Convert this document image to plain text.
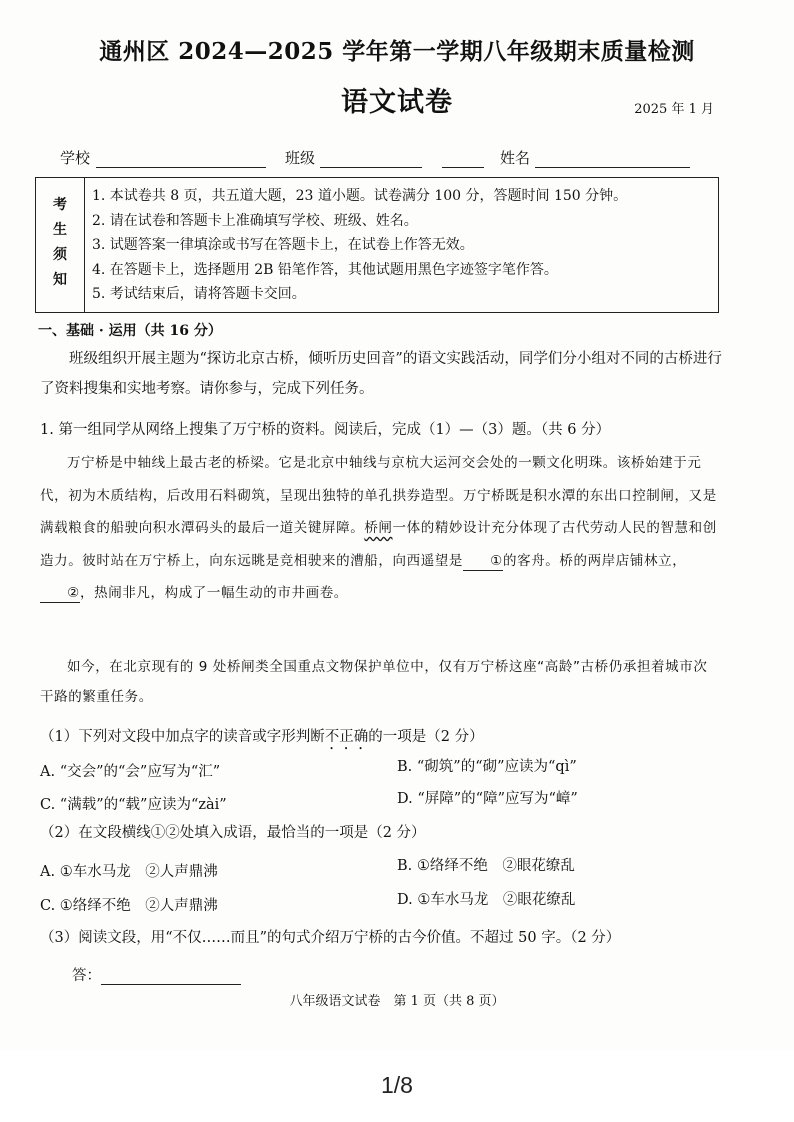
通州区 2024—2025 学年第一学期八年级期末质量检测
语文试卷	2025 年 1 月
学校	班级	姓名
考
生
须
知
1. 本试卷共 8 页，共五道大题，23 道小题。试卷满分 100 分，答题时间 150 分钟。
2. 请在试卷和答题卡上准确填写学校、班级、姓名。
3. 试题答案一律填涂或书写在答题卡上，在试卷上作答无效。
4. 在答题卡上，选择题用 2B 铅笔作答，其他试题用黑色字迹签字笔作答。
5. 考试结束后，请将答题卡交回。
一、基础 · 运用（共 16 分）

班级组织开展主题为“探访北京古桥，倾听历史回音”的语文实践活动，同学们分小组对不同的古桥进行了资料搜集和实地考察。请你参与，完成下列任务。

1. 第一组同学从网络上搜集了万宁桥的资料。阅读后，完成（1）—（3）题。（共 6 分）

万宁桥是中轴线上最古老的桥梁。它是北京中轴线与京杭大运河交会处的一颗文化明珠。该桥始建于元代，初为木质结构，后改用石料砌筑，呈现出独特的单孔拱券造型。万宁桥既是积水潭的东出口控制闸，又是满载粮食的船驶向积水潭码头的最后一道关键屏障。桥闸一体的精妙设计充分体现了古代劳动人民的智慧和创造力。彼时站在万宁桥上，向东远眺是竞相驶来的漕船，向西遥望是 ①的客舟。桥的两岸店铺林立，②，热闹非凡，构成了一幅生动的市井画卷。

如今，在北京现有的 9 处桥闸类全国重点文物保护单位中，仅有万宁桥这座“高龄”古桥仍承担着城市次干路的繁重任务。

（1）下列对文段中加点字的读音或字形判断不正确的一项是（2 分）
A. “交会”的“会”应写为“汇”	B. “砌筑”的“砌”应读为“qì”
C. “满载”的“载”应读为“zài”	D. “屏障”的“障”应写为“嶂”
（2）在文段横线①②处填入成语，最恰当的一项是（2 分）
A. ①车水马龙　②人声鼎沸	B. ①络绎不绝　②眼花缭乱
C. ①络绎不绝　②人声鼎沸	D. ①车水马龙　②眼花缭乱
（3）阅读文段，用“不仅……而且”的句式介绍万宁桥的古今价值。不超过 50 字。（2 分）
答：
八年级语文试卷　第 1 页（共 8 页）
1/8
